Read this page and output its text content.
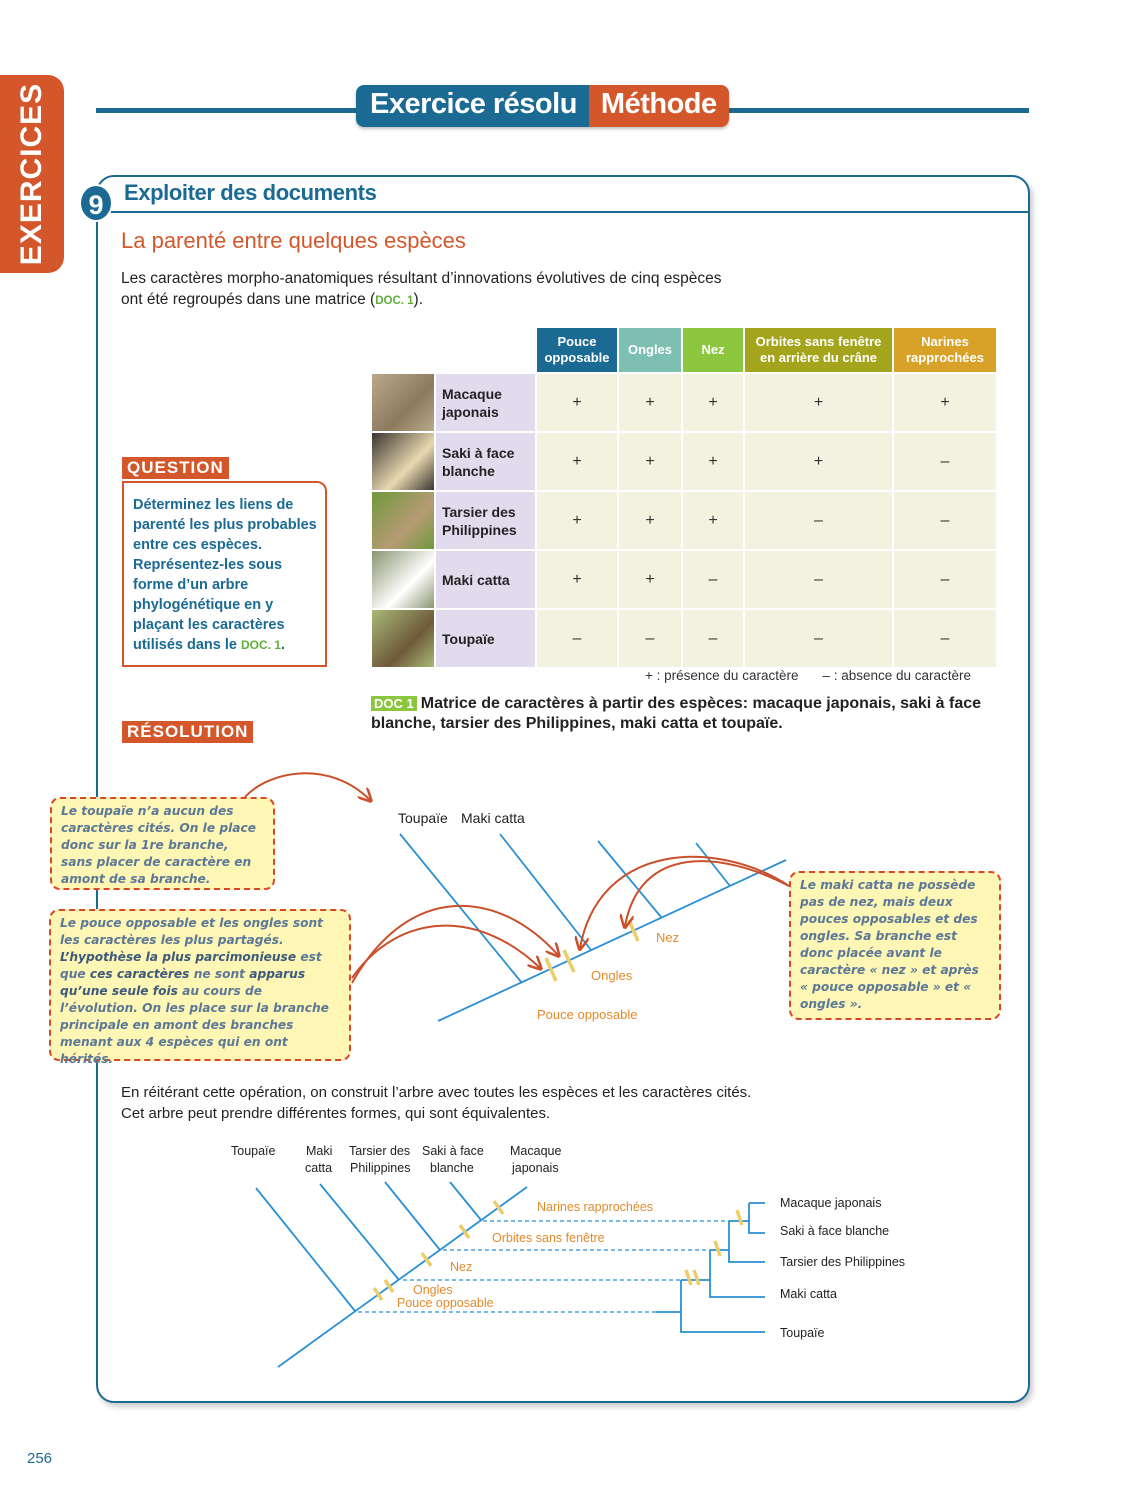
EXERCICES	Exercice résolu Méthode
9 Exploiter des documents
La parenté entre quelques espèces
Les caractères morpho-anatomiques résultant d’innovations évolutives de cinq espèces
ont été regroupés dans une matrice (DOC. 1).
		Pouce opposable	Ongles	Nez	Orbites sans fenêtre en arrière du crâne	Narines rapprochées

	Macaque japonais	+	+	+	+	+

	Saki à face blanche	+	+	+	+	–

	Tarsier des Philippines	+	+	+	–	–

	Maki catta	+	+	–	–	–

	Toupaïe	–	–	–	–	–
+ : présence du caractère – : absence du caractère
DOC 1 Matrice de caractères à partir des espèces: macaque japonais, saki à face blanche, tarsier des Philippines, maki catta et toupaïe.
QUESTION
Déterminez les liens de parenté les plus probables entre ces espèces. Représentez-les sous forme d’un arbre phylogénétique en y plaçant les caractères utilisés dans le DOC. 1.
RÉSOLUTION
Toupaïe Maki catta
Pouce opposable
Ongles
Nez
Toupaïe Maki
catta
Tarsier des
Philippines
Saki à face
blanche
Macaque
japonais
Narines rapprochées
Orbites sans fenêtre
Nez
Ongles
Pouce opposable
Macaque japonais
Saki à face blanche
Tarsier des Philippines
Maki catta
Toupaïe
Le toupaïe n’a aucun des caractères cités. On le place donc sur la 1re branche, sans placer de caractère en amont de sa branche.
Le pouce opposable et les ongles sont les caractères les plus partagés. L’hypothèse la plus parcimonieuse est que ces caractères ne sont apparus qu’une seule fois au cours de l’évolution. On les place sur la branche principale en amont des branches menant aux 4 espèces qui en ont hérités.
Le maki catta ne possède pas de nez, mais deux pouces opposables et des ongles. Sa branche est donc placée avant le caractère « nez » et après « pouce opposable » et « ongles ».
En réitérant cette opération, on construit l’arbre avec toutes les espèces et les caractères cités.
Cet arbre peut prendre différentes formes, qui sont équivalentes.
256
